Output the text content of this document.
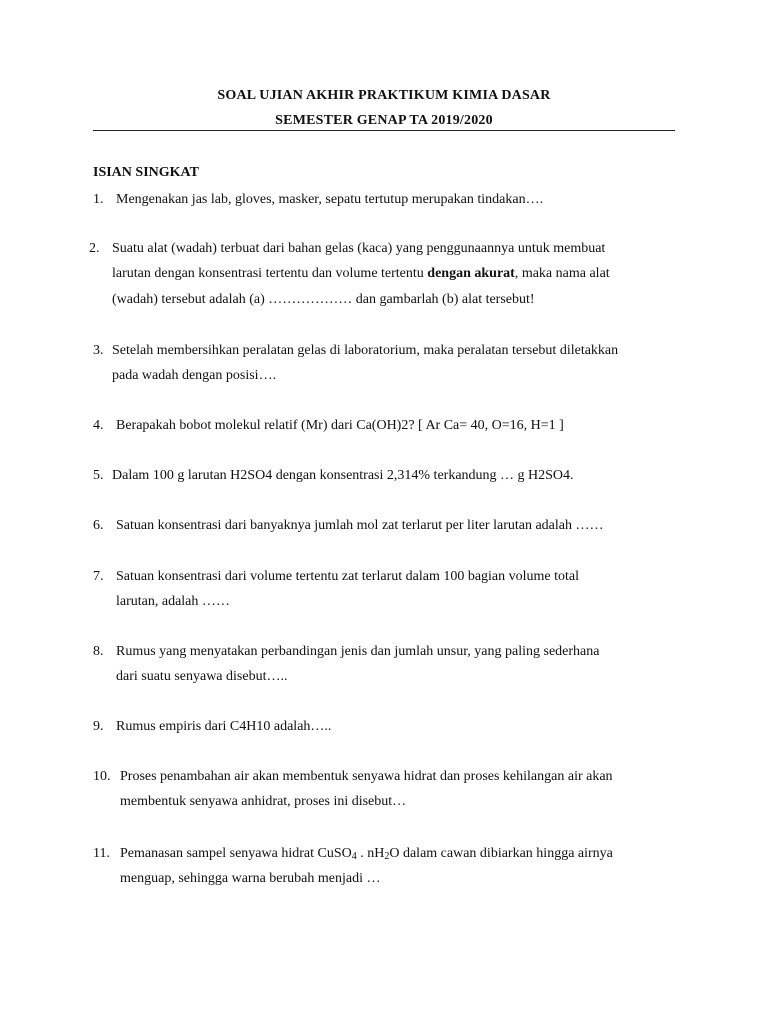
SOAL UJIAN AKHIR PRAKTIKUM KIMIA DASAR
SEMESTER GENAP TA 2019/2020
ISIAN SINGKAT
1. Mengenakan jas lab, gloves, masker, sepatu tertutup merupakan tindakan….
2. Suatu alat (wadah) terbuat dari bahan gelas (kaca) yang penggunaannya untuk membuat
larutan dengan konsentrasi tertentu dan volume tertentu dengan akurat, maka nama alat
(wadah) tersebut adalah (a) ……………… dan gambarlah (b) alat tersebut!
3. Setelah membersihkan peralatan gelas di laboratorium, maka peralatan tersebut diletakkan
pada wadah dengan posisi….
4. Berapakah bobot molekul relatif (Mr) dari Ca(OH)2? [ Ar Ca= 40, O=16, H=1 ]
5. Dalam 100 g larutan H2SO4 dengan konsentrasi 2,314% terkandung … g H2SO4.
6. Satuan konsentrasi dari banyaknya jumlah mol zat terlarut per liter larutan adalah ……
7. Satuan konsentrasi dari volume tertentu zat terlarut dalam 100 bagian volume total
larutan, adalah ……
8. Rumus yang menyatakan perbandingan jenis dan jumlah unsur, yang paling sederhana
dari suatu senyawa disebut…..
9. Rumus empiris dari C4H10 adalah…..
10. Proses penambahan air akan membentuk senyawa hidrat dan proses kehilangan air akan
membentuk senyawa anhidrat, proses ini disebut…
11. Pemanasan sampel senyawa hidrat CuSO$_4$ . $nH_2O$ dalam cawan dibiarkan hingga airnya
menguap, sehingga warna berubah menjadi …
